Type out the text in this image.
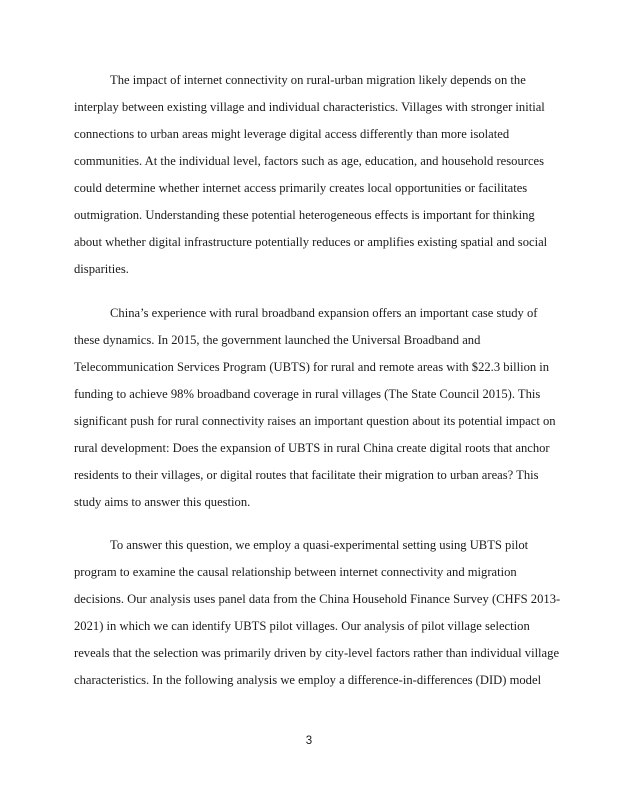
The impact of internet connectivity on rural-urban migration likely depends on the
interplay between existing village and individual characteristics. Villages with stronger initial
connections to urban areas might leverage digital access differently than more isolated
communities. At the individual level, factors such as age, education, and household resources
could determine whether internet access primarily creates local opportunities or facilitates
outmigration. Understanding these potential heterogeneous effects is important for thinking
about whether digital infrastructure potentially reduces or amplifies existing spatial and social
disparities.
China’s experience with rural broadband expansion offers an important case study of
these dynamics. In 2015, the government launched the Universal Broadband and
Telecommunication Services Program (UBTS) for rural and remote areas with $22.3 billion in
funding to achieve 98% broadband coverage in rural villages (The State Council 2015). This
significant push for rural connectivity raises an important question about its potential impact on
rural development: Does the expansion of UBTS in rural China create digital roots that anchor
residents to their villages, or digital routes that facilitate their migration to urban areas? This
study aims to answer this question.
To answer this question, we employ a quasi-experimental setting using UBTS pilot
program to examine the causal relationship between internet connectivity and migration
decisions. Our analysis uses panel data from the China Household Finance Survey (CHFS 2013-
2021) in which we can identify UBTS pilot villages. Our analysis of pilot village selection
reveals that the selection was primarily driven by city-level factors rather than individual village
characteristics. In the following analysis we employ a difference-in-differences (DID) model
3
